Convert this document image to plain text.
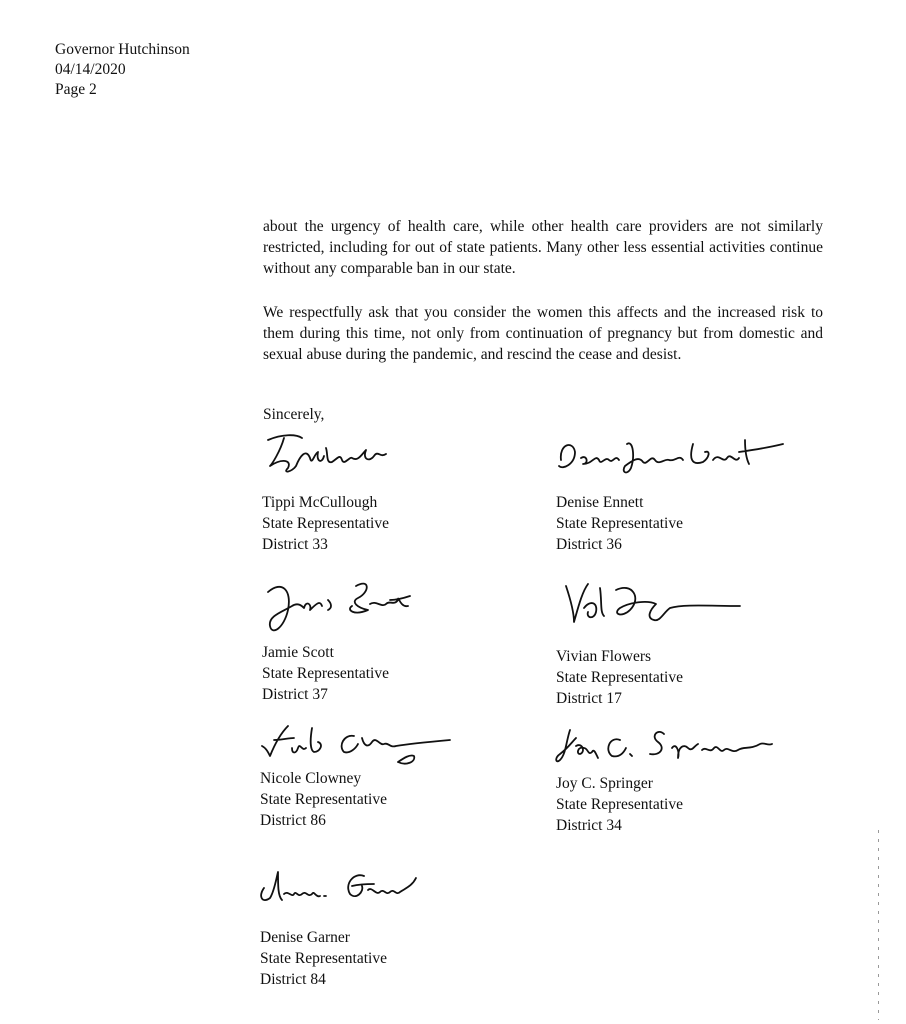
Governor Hutchinson
04/14/2020
Page 2
about the urgency of health care, while other health care providers are not similarly restricted, including for out of state patients. Many other less essential activities continue without any comparable ban in our state.
We respectfully ask that you consider the women this affects and the increased risk to them during this time, not only from continuation of pregnancy but from domestic and sexual abuse during the pandemic, and rescind the cease and desist.
Sincerely,
Tippi McCullough
State Representative
District 33
Denise Ennett
State Representative
District 36
Jamie Scott
State Representative
District 37
Vivian Flowers
State Representative
District 17
Nicole Clowney
State Representative
District 86
Joy C. Springer
State Representative
District 34
Denise Garner
State Representative
District 84
